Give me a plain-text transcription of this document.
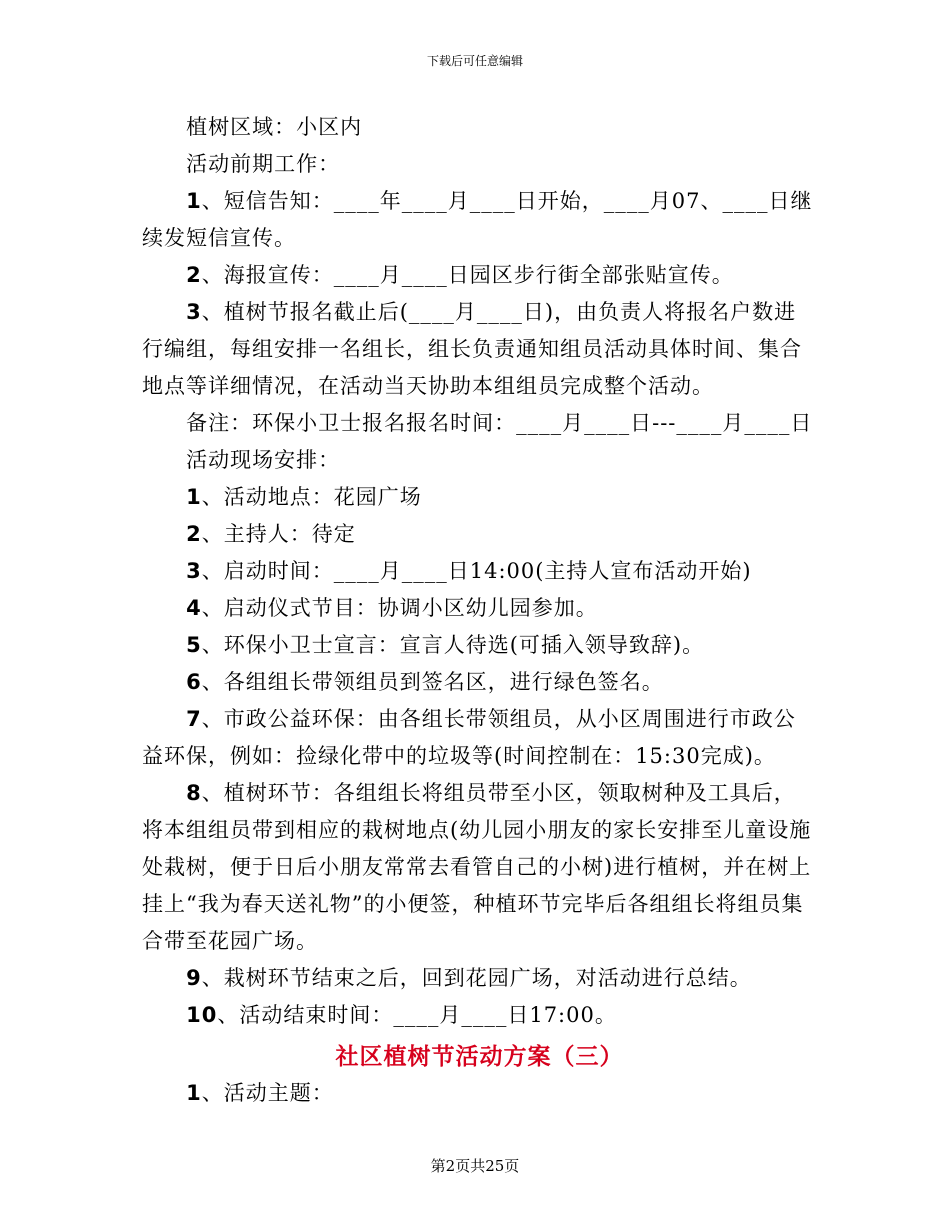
下载后可任意编辑

植树区域：小区内

活动前期工作：

1、短信告知：____年____月____日开始，____月07、____日继续发短信宣传。

2、海报宣传：____月____日园区步行街全部张贴宣传。

3、植树节报名截止后(____月____日)，由负责人将报名户数进行编组，每组安排一名组长，组长负责通知组员活动具体时间、集合地点等详细情况，在活动当天协助本组组员完成整个活动。

备注：环保小卫士报名报名时间：____月____日---____月____日

活动现场安排：

1、活动地点：花园广场

2、主持人：待定

3、启动时间：____月____日14:00(主持人宣布活动开始)

4、启动仪式节目：协调小区幼儿园参加。

5、环保小卫士宣言：宣言人待选(可插入领导致辞)。

6、各组组长带领组员到签名区，进行绿色签名。

7、市政公益环保：由各组长带领组员，从小区周围进行市政公益环保，例如：捡绿化带中的垃圾等(时间控制在：15:30完成)。

8、植树环节：各组组长将组员带至小区，领取树种及工具后，将本组组员带到相应的栽树地点(幼儿园小朋友的家长安排至儿童设施处栽树，便于日后小朋友常常去看管自己的小树)进行植树，并在树上挂上“我为春天送礼物”的小便签，种植环节完毕后各组组长将组员集合带至花园广场。

9、栽树环节结束之后，回到花园广场，对活动进行总结。

10、活动结束时间：____月____日17:00。

社区植树节活动方案（三）

1、活动主题：

第2页共25页
